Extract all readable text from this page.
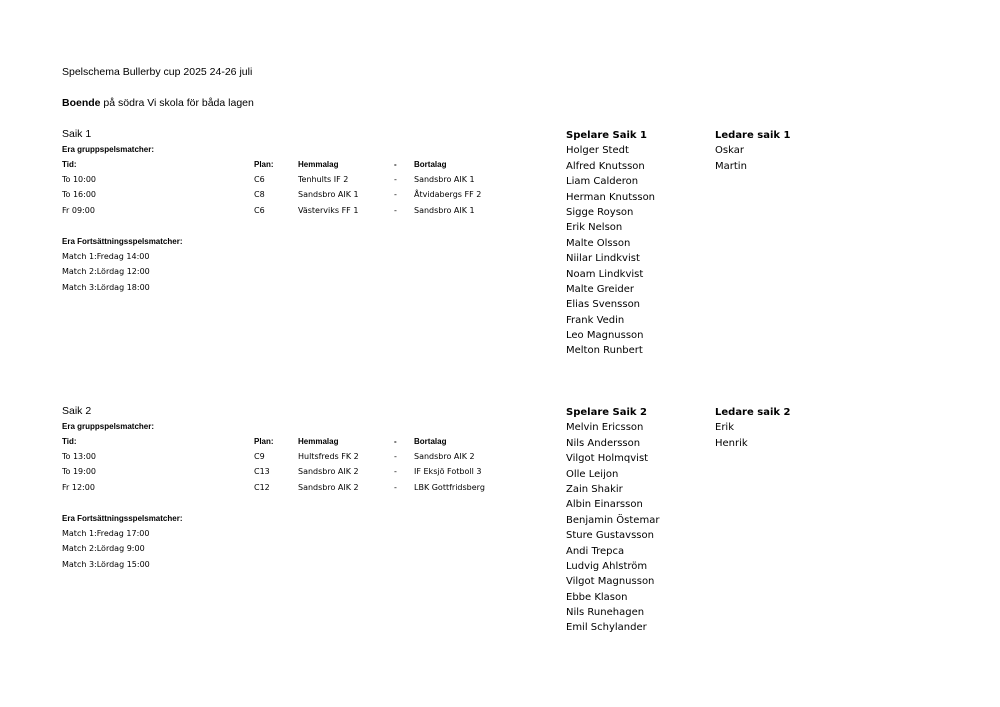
Spelschema Bullerby cup 2025 24-26 juli
Boende på södra Vi skola för båda lagen
Saik 1
Era gruppspelsmatcher:
Tid:	Plan:	Hemmalag	- Bortalag
To 10:00	C6	Tenhults IF 2	- Sandsbro AIK 1
To 16:00	C8	Sandsbro AIK 1	- Åtvidabergs FF 2
Fr 09:00	C6	Västerviks FF 1	- Sandsbro AIK 1
Era Fortsättningsspelsmatcher:
Match 1:Fredag 14:00
Match 2:Lördag 12:00
Match 3:Lördag 18:00
Spelare Saik 1
Holger Stedt
Alfred Knutsson
Liam Calderon
Herman Knutsson
Sigge Royson
Erik Nelson
Malte Olsson
Niilar Lindkvist
Noam Lindkvist
Malte Greider
Elias Svensson
Frank Vedin
Leo Magnusson
Melton Runbert
Ledare saik 1
Oskar
Martin
Saik 2
Era gruppspelsmatcher:
Tid:	Plan:	Hemmalag	- Bortalag
To 13:00	C9	Hultsfreds FK 2	- Sandsbro AIK 2
To 19:00	C13	Sandsbro AIK 2	- IF Eksjö Fotboll 3
Fr 12:00	C12	Sandsbro AIK 2	- LBK Gottfridsberg
Era Fortsättningsspelsmatcher:
Match 1:Fredag 17:00
Match 2:Lördag 9:00
Match 3:Lördag 15:00
Spelare Saik 2
Melvin Ericsson
Nils Andersson
Vilgot Holmqvist
Olle Leijon
Zain Shakir
Albin Einarsson
Benjamin Östemar
Sture Gustavsson
Andi Trepca
Ludvig Ahlström
Vilgot Magnusson
Ebbe Klason
Nils Runehagen
Emil Schylander
Ledare saik 2
Erik
Henrik
